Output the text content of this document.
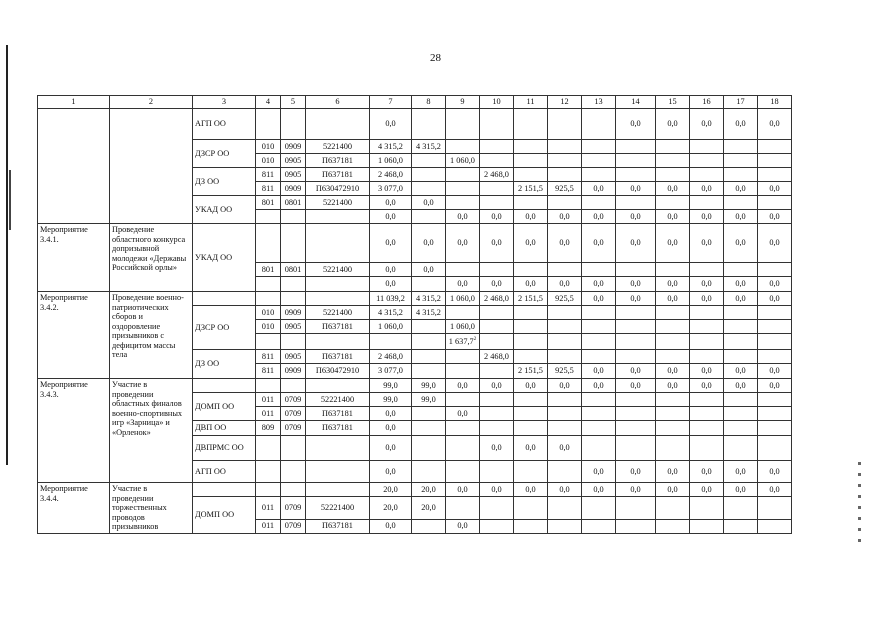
28
1	2	3	4	5	6	7	8	9	10	11	12	13	14	15	16	17	18
		АГП ОО				0,0							0,0	0,0	0,0	0,0	0,0
		ДЗСР ОО	010	0909	5221400	4 315,2	4 315,2										
			010	0905	П637181	1 060,0		1 060,0									
		ДЗ ОО	811	0905	П637181	2 468,0			2 468,0								
			811	0909	П630472910	3 077,0				2 151,5	925,5	0,0	0,0	0,0	0,0	0,0	0,0
		УКАД ОО	801	0801	5221400	0,0	0,0										
						0,0		0,0	0,0	0,0	0,0	0,0	0,0	0,0	0,0	0,0	0,0
Мероприятие 3.4.1.	Проведение областного конкурса допризывной молодежи «Державы Российской орлы»	УКАД ОО				0,0	0,0	0,0	0,0	0,0	0,0	0,0	0,0	0,0	0,0	0,0	0,0
			801	0801	5221400	0,0	0,0										
						0,0		0,0	0,0	0,0	0,0	0,0	0,0	0,0	0,0	0,0	0,0
Мероприятие 3.4.2.	Проведение военно-патриотических сборов и оздоровление призывников с дефицитом массы тела					11 039,2	4 315,2	1 060,0	2 468,0	2 151,5	925,5	0,0	0,0	0,0	0,0	0,0	0,0
		ДЗСР ОО	010	0909	5221400	4 315,2	4 315,2										
			010	0905	П637181	1 060,0		1 060,0									
								1 637,7$^2$									
		ДЗ ОО	811	0905	П637181	2 468,0			2 468,0								
			811	0909	П630472910	3 077,0				2 151,5	925,5	0,0	0,0	0,0	0,0	0,0	0,0
Мероприятие 3.4.3.	Участие в проведении областных финалов военно-спортивных игр «Зарница» и «Орленок»					99,0	99,0	0,0	0,0	0,0	0,0	0,0	0,0	0,0	0,0	0,0	0,0
		ДОМП ОО	011	0709	52221400	99,0	99,0										
			011	0709	П637181	0,0		0,0									
		ДВП ОО	809	0709	П637181	0,0											
		ДВПРМС ОО				0,0			0,0	0,0	0,0						
		АГП ОО				0,0						0,0	0,0	0,0	0,0	0,0	0,0
Мероприятие 3.4.4.	Участие в проведении торжественных проводов призывников					20,0	20,0	0,0	0,0	0,0	0,0	0,0	0,0	0,0	0,0	0,0	0,0
		ДОМП ОО	011	0709	52221400	20,0	20,0										
			011	0709	П637181	0,0		0,0									
